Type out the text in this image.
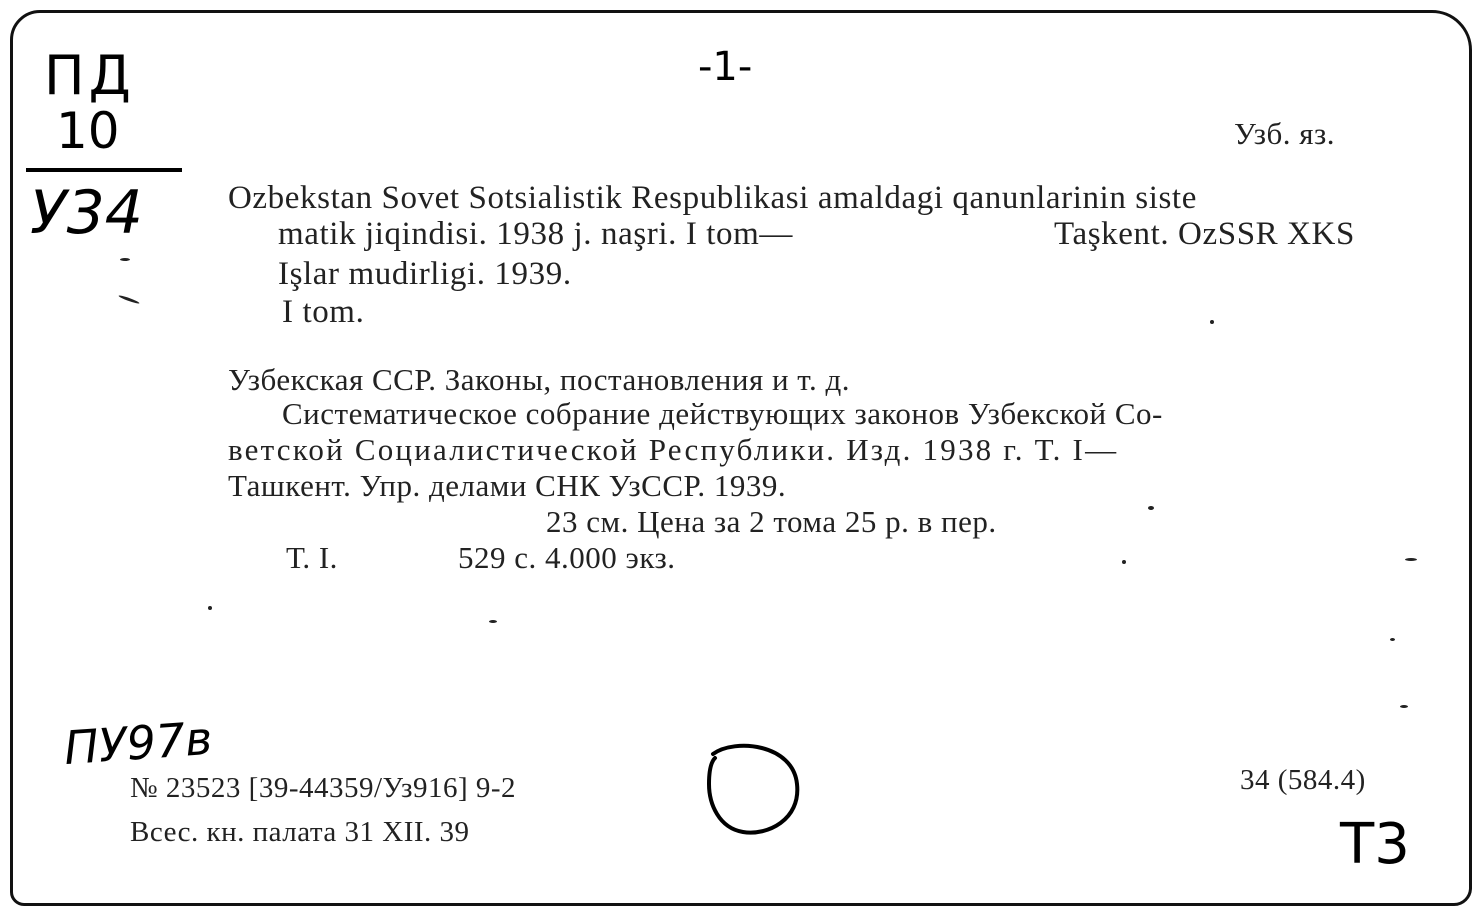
ПД
10
У34
-1-
Узб. яз.
Ozbekstan Sovet Sotsialistik Respublikasi amaldagi qanunlarinin siste
matik jiqindisi. 1938 j. naşri. I tom—	Taşkent. OzSSR XKS
Işlar mudirligi. 1939.
I tom.
Узбекская ССР. Законы, постановления и т. д.
Систематическое собрание действующих законов Узбекской Со-
ветской Социалистической Республики. Изд. 1938 г. Т. I—
Ташкент. Упр. делами СНК УзССР. 1939.
23 см. Цена за 2 тома 25 р. в пер.
Т. I.	529 с. 4.000 экз.
ПУ97в
№ 23523 [39-44359/Уз916] 9-2
Всес. кн. палата 31 XII. 39
34 (584.4)
Т3
